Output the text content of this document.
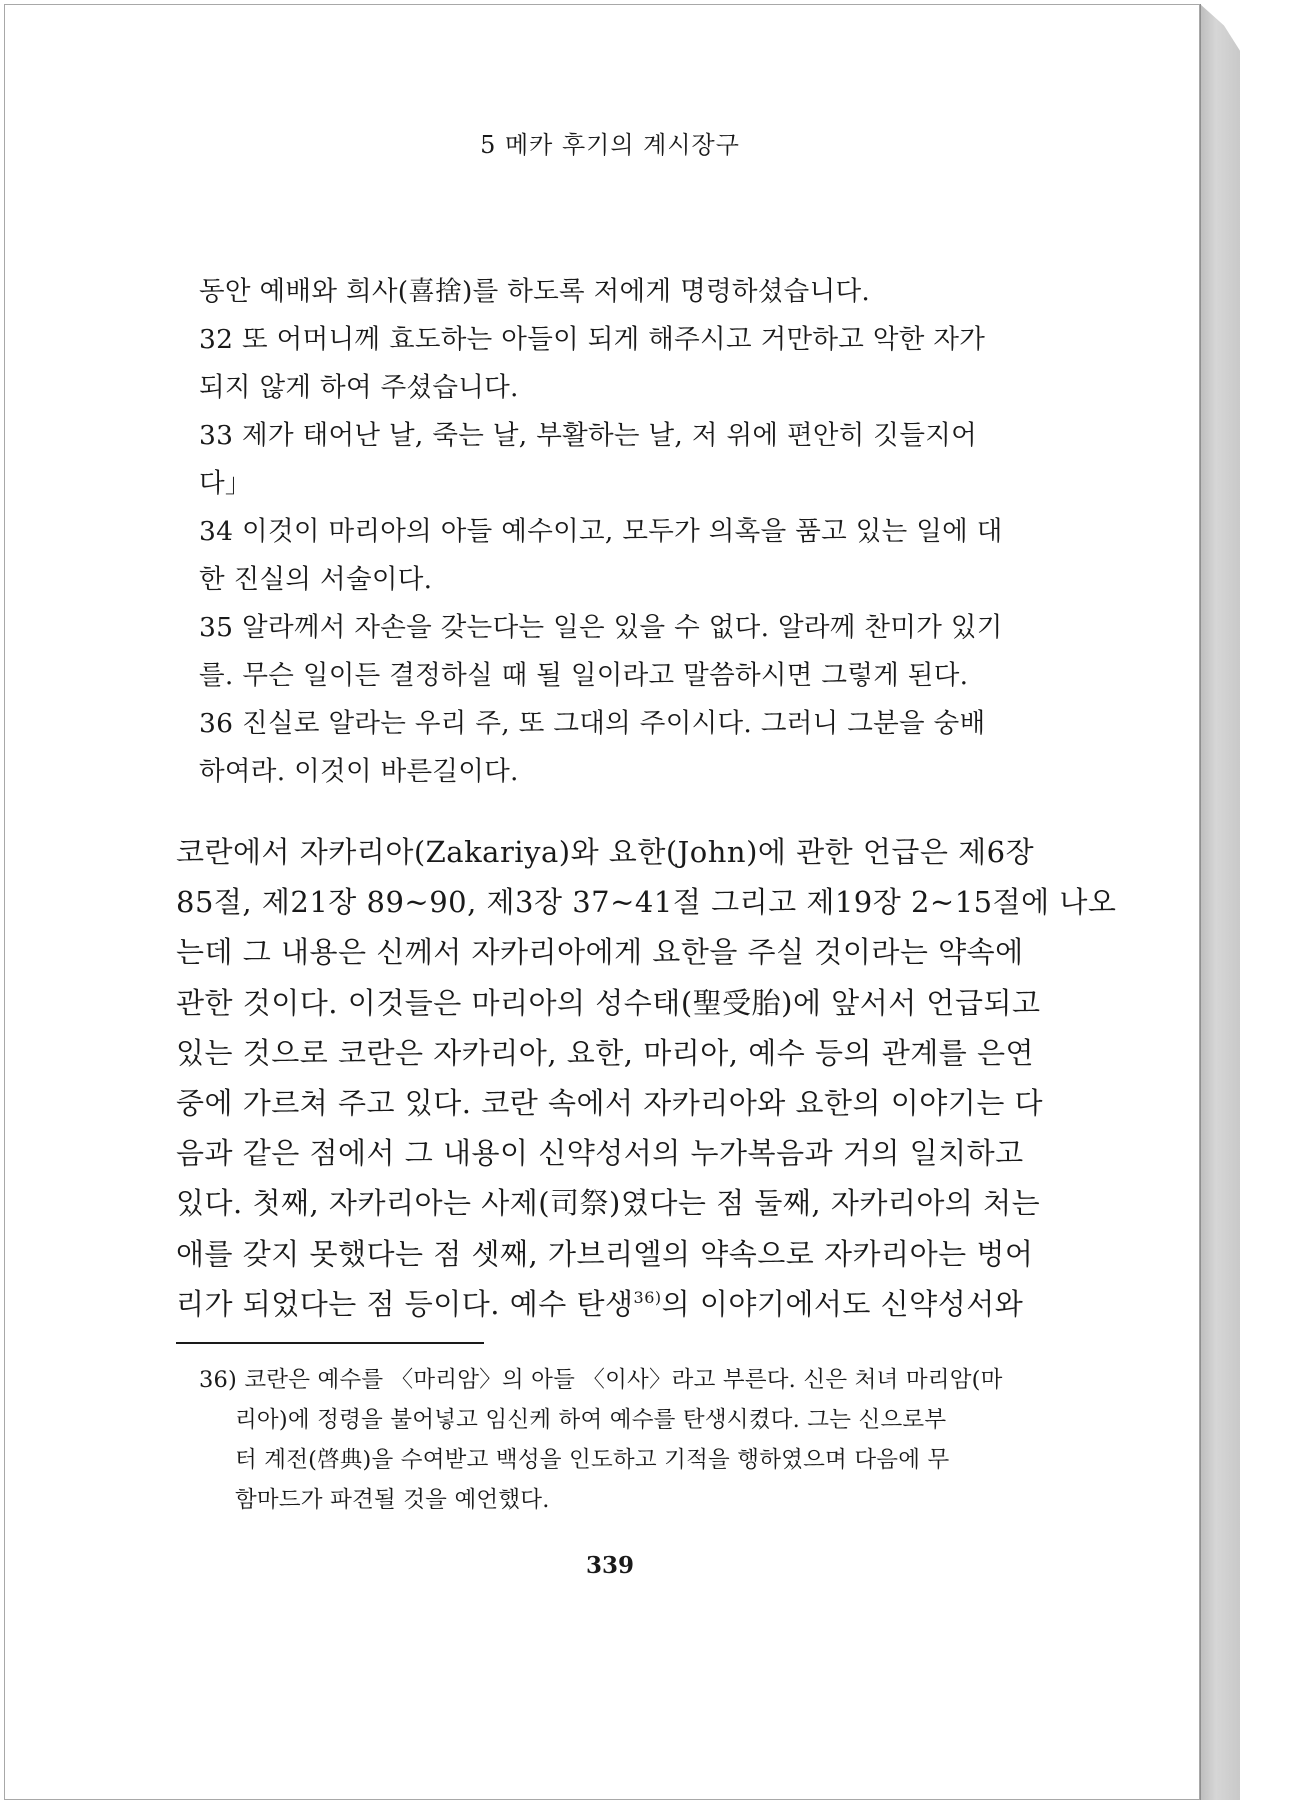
5 메카 후기의 계시장구
동안 예배와 희사(喜捨)를 하도록 저에게 명령하셨습니다.
32 또 어머니께 효도하는 아들이 되게 해주시고 거만하고 악한 자가
되지 않게 하여 주셨습니다.
33 제가 태어난 날, 죽는 날, 부활하는 날, 저 위에 편안히 깃들지어
다」
34 이것이 마리아의 아들 예수이고, 모두가 의혹을 품고 있는 일에 대
한 진실의 서술이다.
35 알라께서 자손을 갖는다는 일은 있을 수 없다. 알라께 찬미가 있기
를. 무슨 일이든 결정하실 때 될 일이라고 말씀하시면 그렇게 된다.
36 진실로 알라는 우리 주, 또 그대의 주이시다. 그러니 그분을 숭배
하여라. 이것이 바른길이다.
코란에서 자카리아(Zakariya)와 요한(John)에 관한 언급은 제6장
85절, 제21장 89~90, 제3장 37~41절 그리고 제19장 2~15절에 나오
는데 그 내용은 신께서 자카리아에게 요한을 주실 것이라는 약속에
관한 것이다. 이것들은 마리아의 성수태(聖受胎)에 앞서서 언급되고
있는 것으로 코란은 자카리아, 요한, 마리아, 예수 등의 관계를 은연
중에 가르쳐 주고 있다. 코란 속에서 자카리아와 요한의 이야기는 다
음과 같은 점에서 그 내용이 신약성서의 누가복음과 거의 일치하고
있다. 첫째, 자카리아는 사제(司祭)였다는 점 둘째, 자카리아의 처는
애를 갖지 못했다는 점 셋째, 가브리엘의 약속으로 자카리아는 벙어
리가 되었다는 점 등이다. 예수 탄생$^{36)}$의 이야기에서도 신약성서와
36) 코란은 예수를 〈마리암〉의 아들 〈이사〉라고 부른다. 신은 처녀 마리암(마
리아)에 정령을 불어넣고 임신케 하여 예수를 탄생시켰다. 그는 신으로부
터 계전(啓典)을 수여받고 백성을 인도하고 기적을 행하였으며 다음에 무
함마드가 파견될 것을 예언했다.
339
